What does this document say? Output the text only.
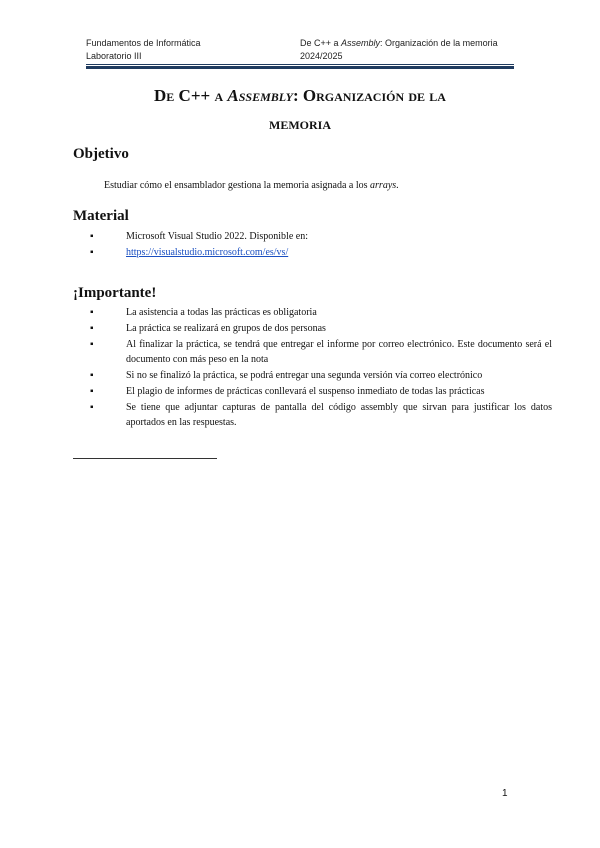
Fundamentos de Informática
Laboratorio III
De C++ a Assembly: Organización de la memoria
2024/2025
De C++ a Assembly: Organización de la
memoria
Objetivo
Estudiar cómo el ensamblador gestiona la memoria asignada a los arrays.
Material
▪	Microsoft Visual Studio 2022. Disponible en:
▪	https://visualstudio.microsoft.com/es/vs/
¡Importante!
▪	La asistencia a todas las prácticas es obligatoria
▪	La práctica se realizará en grupos de dos personas
▪	Al finalizar la práctica, se tendrá que entregar el informe por correo electrónico. Este documento será el documento con más peso en la nota
▪	Si no se finalizó la práctica, se podrá entregar una segunda versión vía correo electrónico
▪	El plagio de informes de prácticas conllevará el suspenso inmediato de todas las prácticas
▪	Se tiene que adjuntar capturas de pantalla del código assembly que sirvan para justificar los datos aportados en las respuestas.
1
